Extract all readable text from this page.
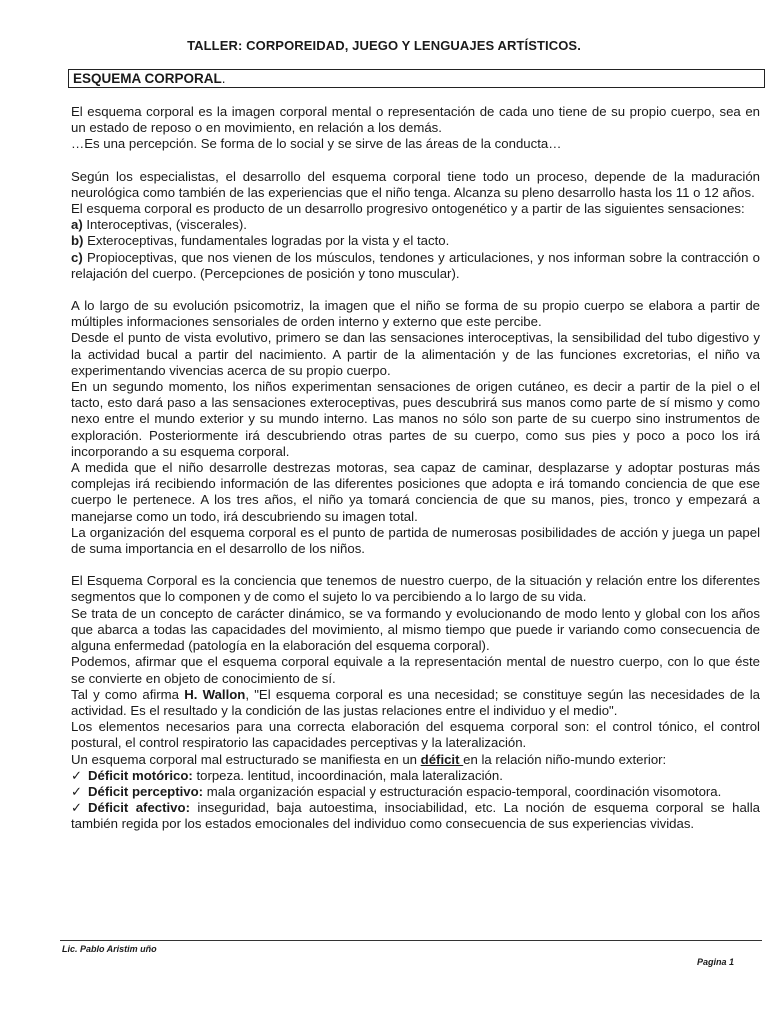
TALLER: CORPOREIDAD, JUEGO Y LENGUAJES ARTÍSTICOS.
ESQUEMA CORPORAL.

El esquema corporal es la imagen corporal mental o representación de cada uno tiene de su propio cuerpo, sea en un estado de reposo o en movimiento, en relación a los demás.

…Es una percepción. Se forma de lo social y se sirve de las áreas de la conducta…

Según los especialistas, el desarrollo del esquema corporal tiene todo un proceso, depende de la maduración neurológica como también de las experiencias que el niño tenga. Alcanza su pleno desarrollo hasta los 11 o 12 años.

El esquema corporal es producto de un desarrollo progresivo ontogenético y a partir de las siguientes sensaciones:

a) Interoceptivas, (viscerales).

b) Exteroceptivas, fundamentales logradas por la vista y el tacto.

c) Propioceptivas, que nos vienen de los músculos, tendones y articulaciones, y nos informan sobre la contracción o relajación del cuerpo. (Percepciones de posición y tono muscular).

A lo largo de su evolución psicomotriz, la imagen que el niño se forma de su propio cuerpo se elabora a partir de múltiples informaciones sensoriales de orden interno y externo que este percibe.

Desde el punto de vista evolutivo, primero se dan las sensaciones interoceptivas, la sensibilidad del tubo digestivo y la actividad bucal a partir del nacimiento. A partir de la alimentación y de las funciones excretorias, el niño va experimentando vivencias acerca de su propio cuerpo.

En un segundo momento, los niños experimentan sensaciones de origen cutáneo, es decir a partir de la piel o el tacto, esto dará paso a las sensaciones exteroceptivas, pues descubrirá sus manos como parte de sí mismo y como nexo entre el mundo exterior y su mundo interno. Las manos no sólo son parte de su cuerpo sino instrumentos de exploración. Posteriormente irá descubriendo otras partes de su cuerpo, como sus pies y poco a poco los irá incorporando a su esquema corporal.

A medida que el niño desarrolle destrezas motoras, sea capaz de caminar, desplazarse y adoptar posturas más complejas irá recibiendo información de las diferentes posiciones que adopta e irá tomando conciencia de que ese cuerpo le pertenece. A los tres años, el niño ya tomará conciencia de que su manos, pies, tronco y empezará a manejarse como un todo, irá descubriendo su imagen total.

La organización del esquema corporal es el punto de partida de numerosas posibilidades de acción y juega un papel de suma importancia en el desarrollo de los niños.

El Esquema Corporal es la conciencia que tenemos de nuestro cuerpo, de la situación y relación entre los diferentes segmentos que lo componen y de como el sujeto lo va percibiendo a lo largo de su vida.

Se trata de un concepto de carácter dinámico, se va formando y evolucionando de modo lento y global con los años que abarca a todas las capacidades del movimiento, al mismo tiempo que puede ir variando como consecuencia de alguna enfermedad (patología en la elaboración del esquema corporal).

Podemos, afirmar que el esquema corporal equivale a la representación mental de nuestro cuerpo, con lo que éste se convierte en objeto de conocimiento de sí.

Tal y como afirma H. Wallon, "El esquema corporal es una necesidad; se constituye según las necesidades de la actividad. Es el resultado y la condición de las justas relaciones entre el individuo y el medio".

Los elementos necesarios para una correcta elaboración del esquema corporal son: el control tónico, el control postural, el control respiratorio las capacidades perceptivas y la lateralización.

Un esquema corporal mal estructurado se manifiesta en un déficit en la relación niño-mundo exterior:

✓ Déficit motórico: torpeza. lentitud, incoordinación, mala lateralización.

✓ Déficit perceptivo: mala organización espacial y estructuración espacio-temporal, coordinación visomotora.

✓ Déficit afectivo: inseguridad, baja autoestima, insociabilidad, etc. La noción de esquema corporal se halla también regida por los estados emocionales del individuo como consecuencia de sus experiencias vividas.

Lic. Pablo Aristim uño
Pagina 1
